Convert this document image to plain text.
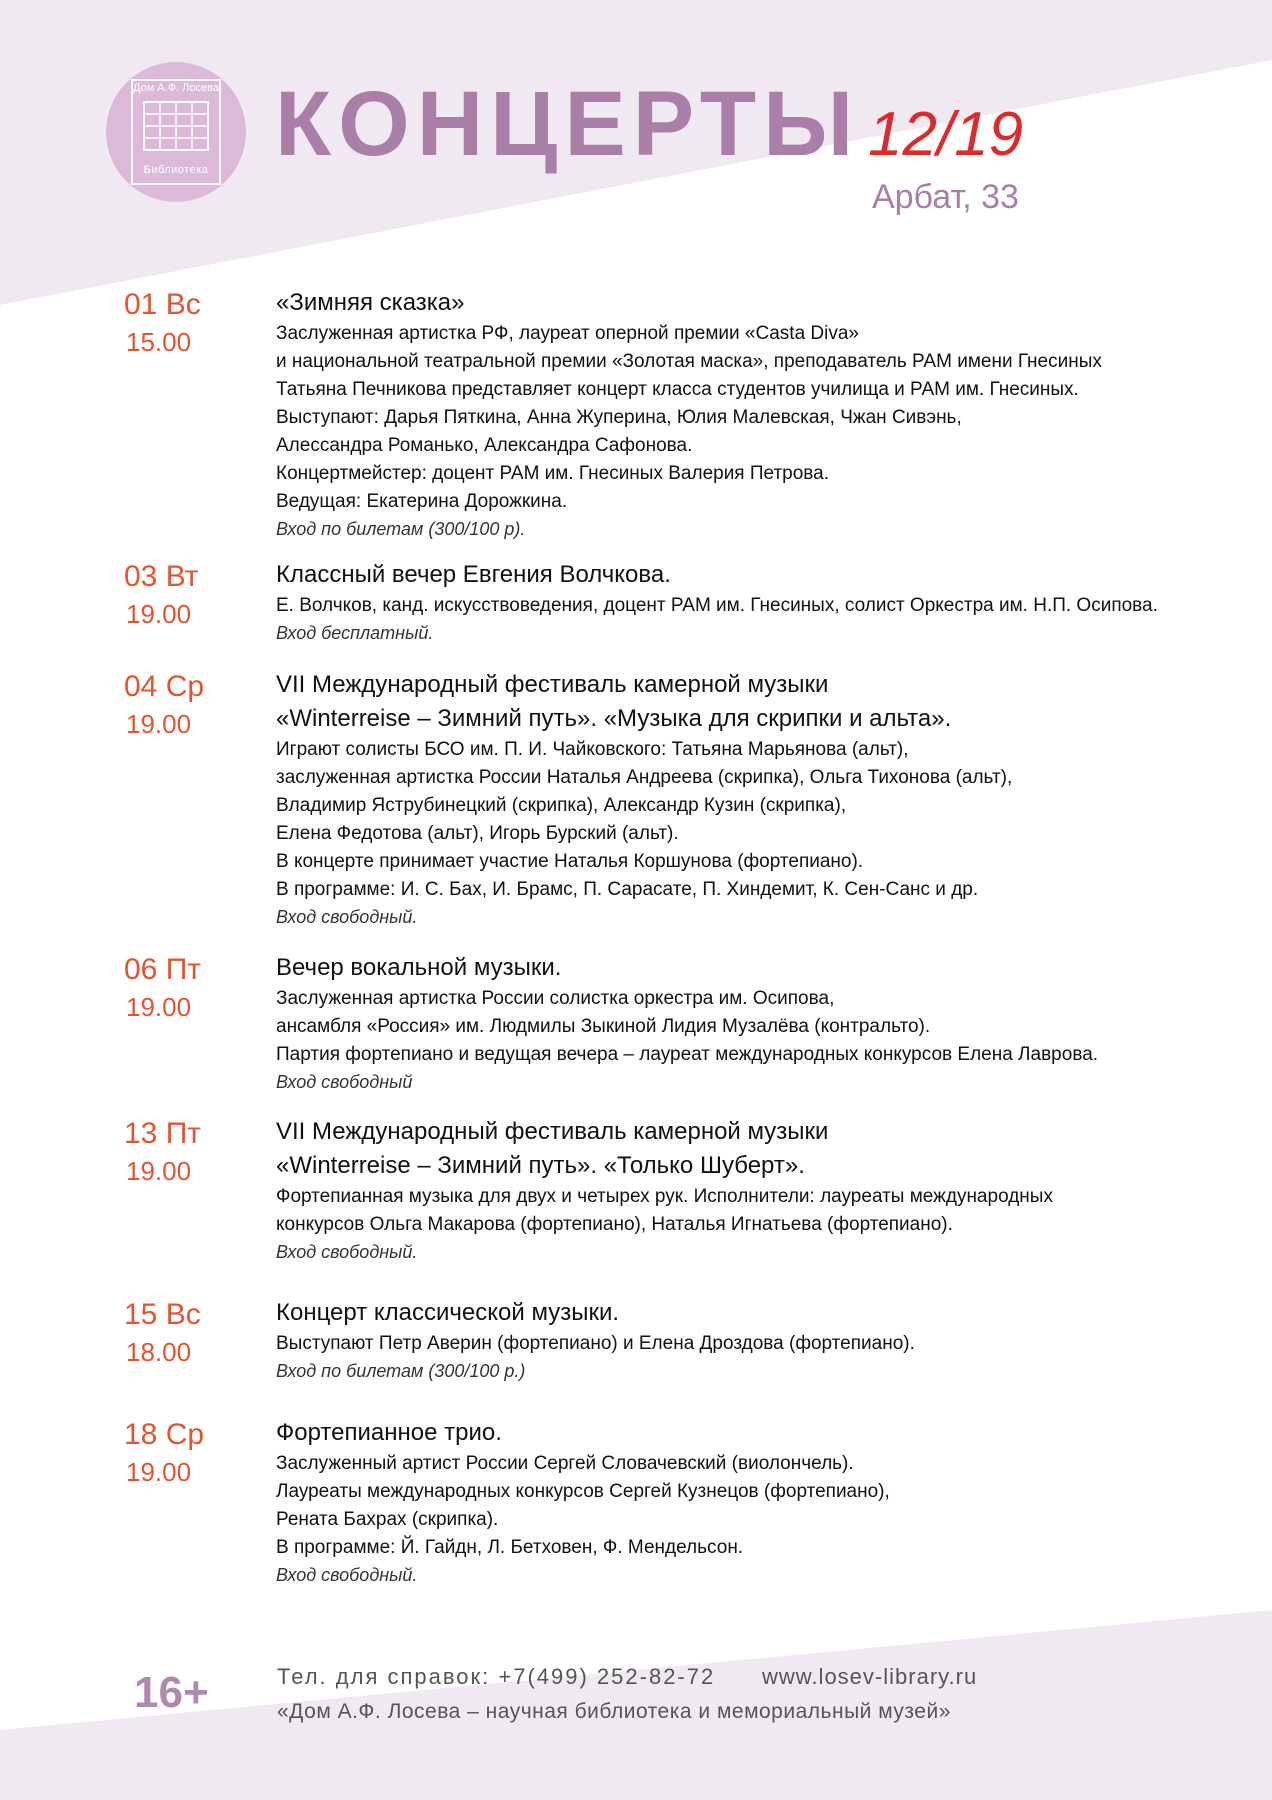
Дом А.Ф. Лосева
Библиотека КОНЦЕРТЫ 12/19
Арбат, 33
01 Вс
15.00
«Зимняя сказка»
Заслуженная артистка РФ, лауреат оперной премии «Casta Diva»
и национальной театральной премии «Золотая маска», преподаватель РАМ имени Гнесиных
Татьяна Печникова представляет концерт класса студентов училища и РАМ им. Гнесиных.
Выступают: Дарья Пяткина, Анна Жуперина, Юлия Малевская, Чжан Сивэнь,
Алессандра Романько, Александра Сафонова.
Концертмейстер: доцент РАМ им. Гнесиных Валерия Петрова.
Ведущая: Екатерина Дорожкина.
Вход по билетам (300/100 р).
03 Вт
19.00
Классный вечер Евгения Волчкова.
Е. Волчков, канд. искусствоведения, доцент РАМ им. Гнесиных, солист Оркестра им. Н.П. Осипова.
Вход бесплатный.
04 Ср
19.00
VII Международный фестиваль камерной музыки
«Winterreise – Зимний путь». «Музыка для скрипки и альта».
Играют солисты БСО им. П. И. Чайковского: Татьяна Марьянова (альт),
заслуженная артистка России Наталья Андреева (скрипка), Ольга Тихонова (альт),
Владимир Яструбинецкий (скрипка), Александр Кузин (скрипка),
Елена Федотова (альт), Игорь Бурский (альт).
В концерте принимает участие Наталья Коршунова (фортепиано).
В программе: И. С. Бах, И. Брамс, П. Сарасате, П. Хиндемит, К. Сен-Санс и др.
Вход свободный.
06 Пт
19.00
Вечер вокальной музыки.
Заслуженная артистка России солистка оркестра им. Осипова,
ансамбля «Россия» им. Людмилы Зыкиной Лидия Музалёва (контральто).
Партия фортепиано и ведущая вечера – лауреат международных конкурсов Елена Лаврова.
Вход свободный
13 Пт
19.00
VII Международный фестиваль камерной музыки
«Winterreise – Зимний путь». «Только Шуберт».
Фортепианная музыка для двух и четырех рук. Исполнители: лауреаты международных
конкурсов Ольга Макарова (фортепиано), Наталья Игнатьева (фортепиано).
Вход свободный.
15 Вс
18.00
Концерт классической музыки.
Выступают Петр Аверин (фортепиано) и Елена Дроздова (фортепиано).
Вход по билетам (300/100 р.)
18 Ср
19.00
Фортепианное трио.
Заслуженный артист России Сергей Словачевский (виолончель).
Лауреаты международных конкурсов Сергей Кузнецов (фортепиано),
Рената Бахрах (скрипка).
В программе: Й. Гайдн, Л. Бетховен, Ф. Мендельсон.
Вход свободный.
16+	Тел. для справок: +7(499) 252-82-72 www.losev-library.ru
«Дом А.Ф. Лосева – научная библиотека и мемориальный музей»
